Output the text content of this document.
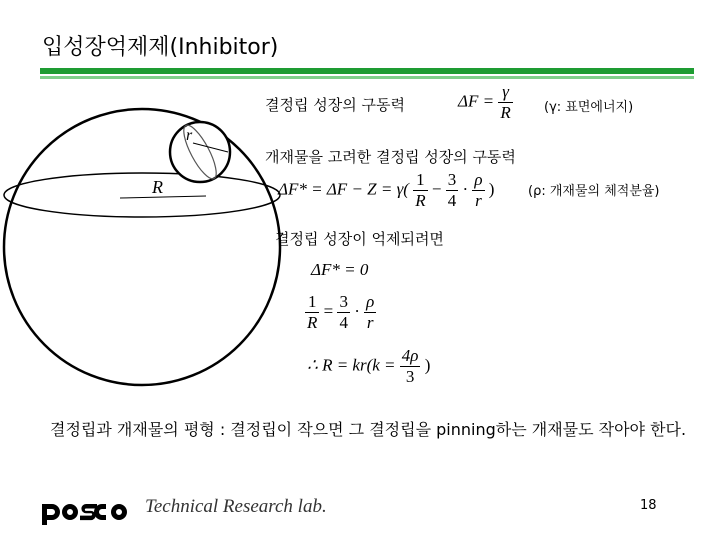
입성장억제제(Inhibitor)
r
R
결정립 성장의 구동력	$\Delta F = \frac{\gamma}{R} (\gamma$: 표면에너지)
개재물을 고려한 결정립 성장의 구동력
$\Delta F* = \Delta F - Z = \gamma( \frac{1}{R} - \frac{3}{4} \cdot \frac{\rho}{r}$ )	(ρ: 개재물의 체적분율)
결정립 성장이 억제되려면
ΔF* = 0
$\frac{1}{R} = \frac{3}{4} \cdot \frac{\rho}{r}$
∴ $R = kr(k = \frac{4\rho}{3}$ )
결정립과 개재물의 평형 : 결정립이 작으면 그 결정립을 pinning하는 개재물도 작아야 한다.
Technical Research lab.	18
